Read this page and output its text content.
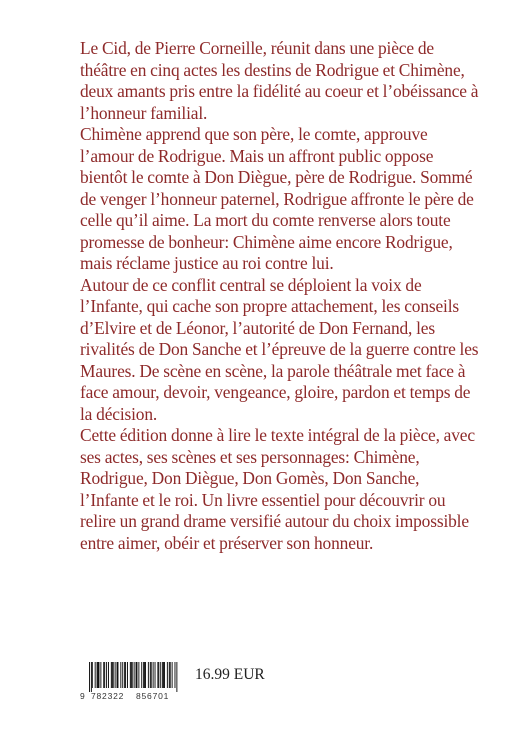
Le Cid, de Pierre Corneille, réunit dans une pièce de théâtre en cinq actes les destins de Rodrigue et Chimène, deux amants pris entre la fidélité au coeur et l’obéissance à l’honneur familial.

Chimène apprend que son père, le comte, approuve l’amour de Rodrigue. Mais un affront public oppose bientôt le comte à Don Diègue, père de Rodrigue. Sommé de venger l’honneur paternel, Rodrigue affronte le père de celle qu’il aime. La mort du comte renverse alors toute promesse de bonheur: Chimène aime encore Rodrigue, mais réclame justice au roi contre lui.

Autour de ce conflit central se déploient la voix de l’Infante, qui cache son propre attachement, les conseils d’Elvire et de Léonor, l’autorité de Don Fernand, les rivalités de Don Sanche et l’épreuve de la guerre contre les Maures. De scène en scène, la parole théâtrale met face à face amour, devoir, vengeance, gloire, pardon et temps de la décision.

Cette édition donne à lire le texte intégral de la pièce, avec ses actes, ses scènes et ses personnages: Chimène, Rodrigue, Don Diègue, Don Gomès, Don Sanche, l’Infante et le roi. Un livre essentiel pour découvrir ou relire un grand drame versifié autour du choix impossible entre aimer, obéir et préserver son honneur.

9 782322 856701
16.99 EUR
